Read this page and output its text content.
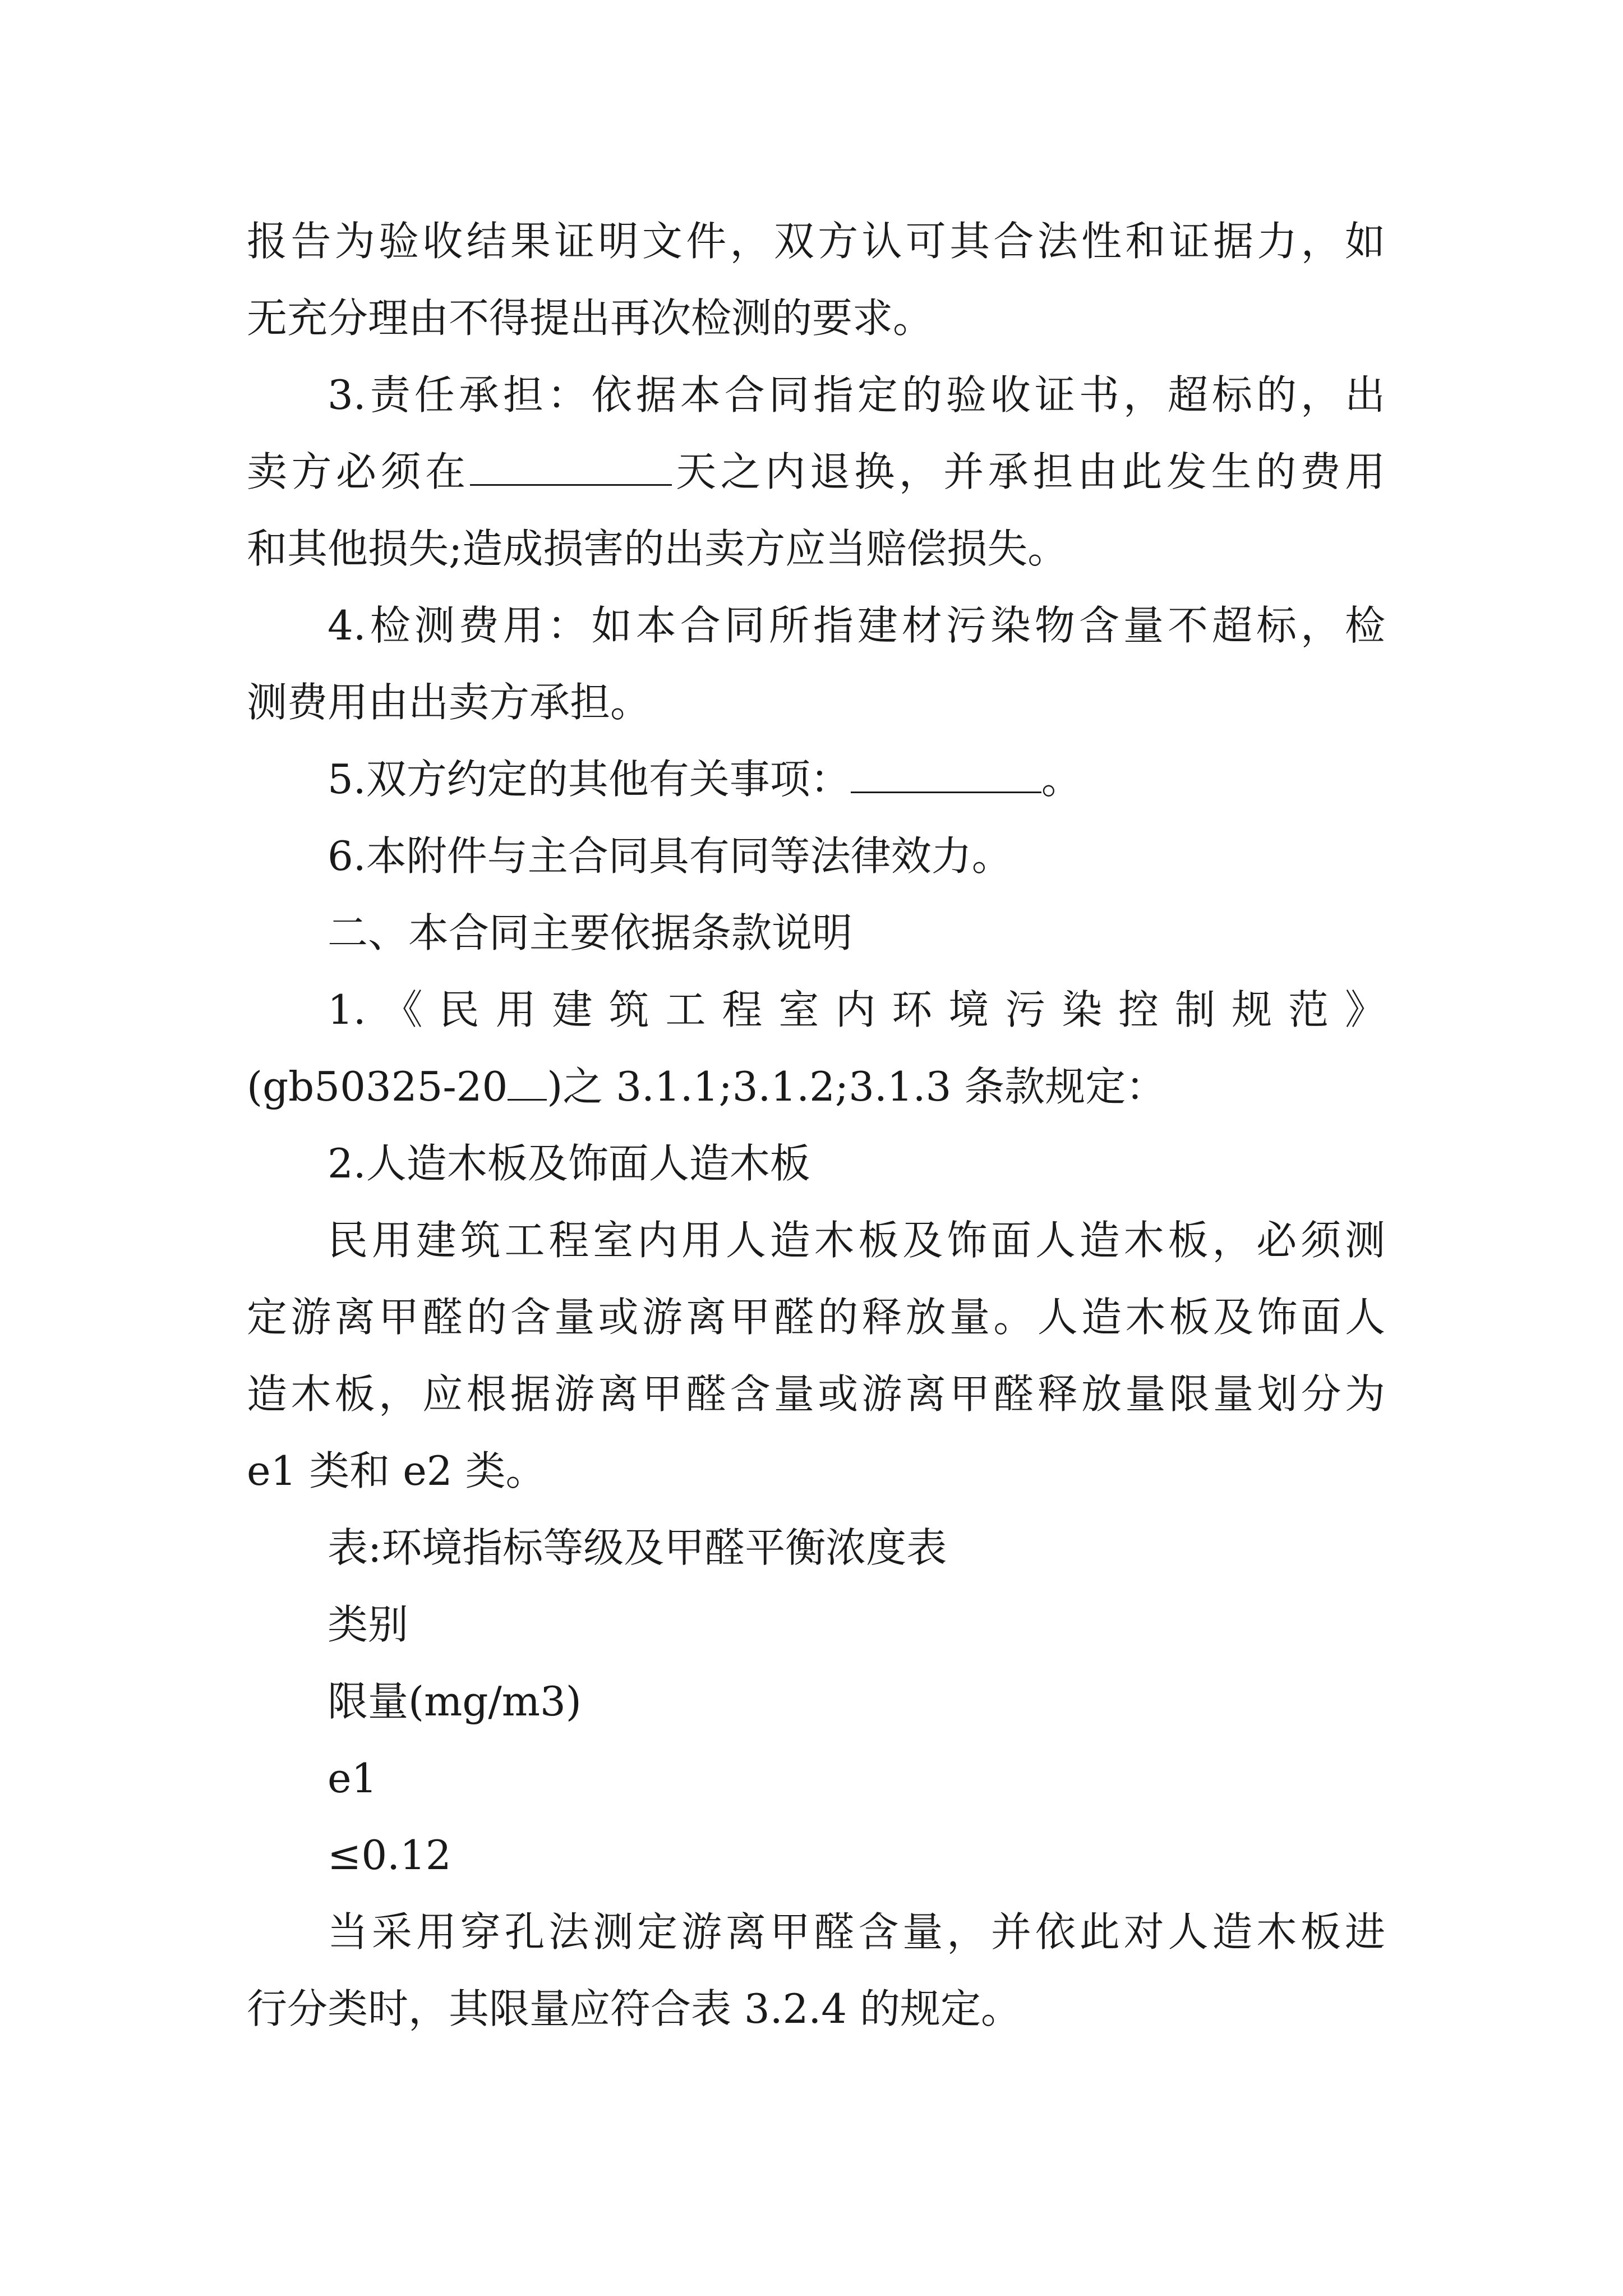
报告为验收结果证明文件，双方认可其合法性和证据力，如

无充分理由不得提出再次检测的要求。

3.责任承担：依据本合同指定的验收证书，超标的，出

卖方必须在	天之内退换，并承担由此发生的费用

和其他损失;造成损害的出卖方应当赔偿损失。

4.检测费用：如本合同所指建材污染物含量不超标，检

测费用由出卖方承担。

5.双方约定的其他有关事项：	。

6.本附件与主合同具有同等法律效力。

二、本合同主要依据条款说明

1.《民用建筑工程室内环境污染控制规范》

(gb50325-20 )之 3.1.1;3.1.2;3.1.3 条款规定：

2.人造木板及饰面人造木板

民用建筑工程室内用人造木板及饰面人造木板，必须测

定游离甲醛的含量或游离甲醛的释放量。人造木板及饰面人

造木板，应根据游离甲醛含量或游离甲醛释放量限量划分为

e1 类和 e2 类。

表:环境指标等级及甲醛平衡浓度表

类别

限量(mg/m3)

e1

≤0.12

当采用穿孔法测定游离甲醛含量，并依此对人造木板进

行分类时，其限量应符合表 3.2.4 的规定。
